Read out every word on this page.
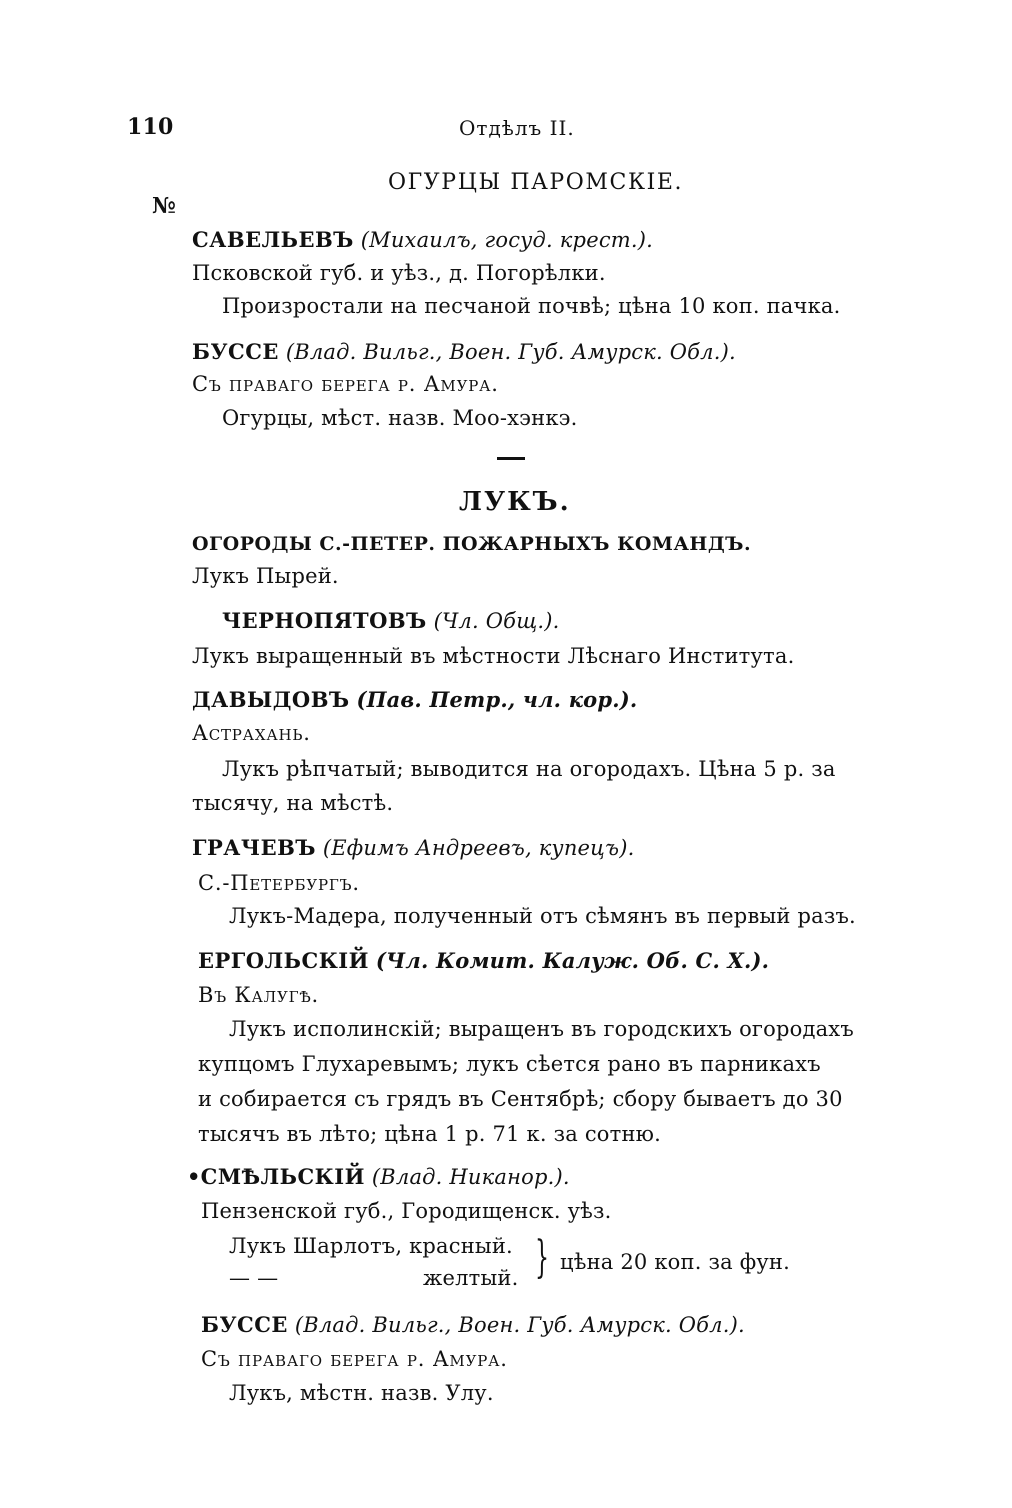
110	Отдѣлъ II.
№
ОГУРЦЫ ПАРОМСКІЕ.
САВЕЛЬЕВЪ (Михаилъ, госуд. крест.).
Псковской губ. и уѣз., д. Погорѣлки.
Произростали на песчаной почвѣ; цѣна 10 коп. пачка.
БУССЕ (Влад. Вильг., Воен. Губ. Амурск. Обл.).
Съ праваго берега р. Амура.
Огурцы, мѣст. назв. Моо-хэнкэ.
ЛУКЪ.
ОГОРОДЫ С.-ПЕТЕР. ПОЖАРНЫХЪ КОМАНДЪ.
Лукъ Пырей.
ЧЕРНОПЯТОВЪ (Чл. Общ.).
Лукъ выращенный въ мѣстности Лѣснаго Института.
ДАВЫДОВЪ (Пав. Петр., чл. кор.).
Астрахань.
Лукъ рѣпчатый; выводится на огородахъ. Цѣна 5 р. за
тысячу, на мѣстѣ.
ГРАЧЕВЪ (Ефимъ Андреевъ, купецъ).
С.-Петербургъ.
Лукъ-Мадера, полученный отъ сѣмянъ въ первый разъ.
ЕРГОЛЬСКІЙ (Чл. Комит. Калуж. Об. С. Х.).
Въ Калугѣ.
Лукъ исполинскій; выращенъ въ городскихъ огородахъ
купцомъ Глухаревымъ; лукъ сѣется рано въ парникахъ
и собирается съ грядъ въ Сентябрѣ; сбору бываетъ до 30
тысячъ въ лѣто; цѣна 1 р. 71 к. за сотню.
•СМѢЛЬСКІЙ (Влад. Никанор.).
Пензенской губ., Городищенск. уѣз.
Лукъ Шарлотъ, красный.
— —	желтый. } цѣна 20 коп. за фун.
БУССЕ (Влад. Вильг., Воен. Губ. Амурск. Обл.).
Съ праваго берега р. Амура.
Лукъ, мѣстн. назв. Улу.
